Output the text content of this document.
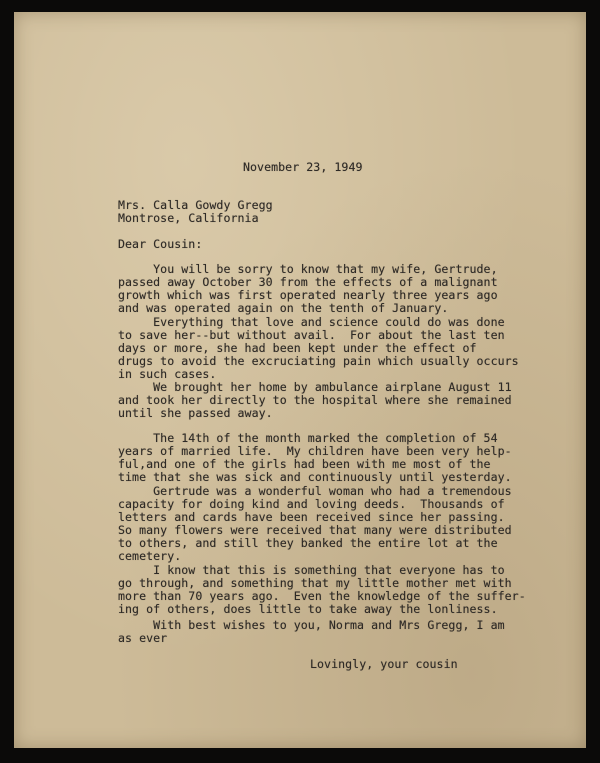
November 23, 1949

Mrs. Calla Gowdy Gregg

Montrose, California

Dear Cousin:

You will be sorry to know that my wife, Gertrude,

passed away October 30 from the effects of a malignant

growth which was first operated nearly three years ago

and was operated again on the tenth of January.

Everything that love and science could do was done

to save her--but without avail.  For about the last ten

days or more, she had been kept under the effect of

drugs to avoid the excruciating pain which usually occurs

in such cases.

We brought her home by ambulance airplane August 11

and took her directly to the hospital where she remained

until she passed away.

The 14th of the month marked the completion of 54

years of married life.  My children have been very help-

ful,and one of the girls had been with me most of the

time that she was sick and continuously until yesterday.

Gertrude was a wonderful woman who had a tremendous

capacity for doing kind and loving deeds.  Thousands of

letters and cards have been received since her passing.

So many flowers were received that many were distributed

to others, and still they banked the entire lot at the

cemetery.

I know that this is something that everyone has to

go through, and something that my little mother met with

more than 70 years ago.  Even the knowledge of the suffer-

ing of others, does little to take away the lonliness.

With best wishes to you, Norma and Mrs Gregg, I am

as ever

Lovingly, your cousin
